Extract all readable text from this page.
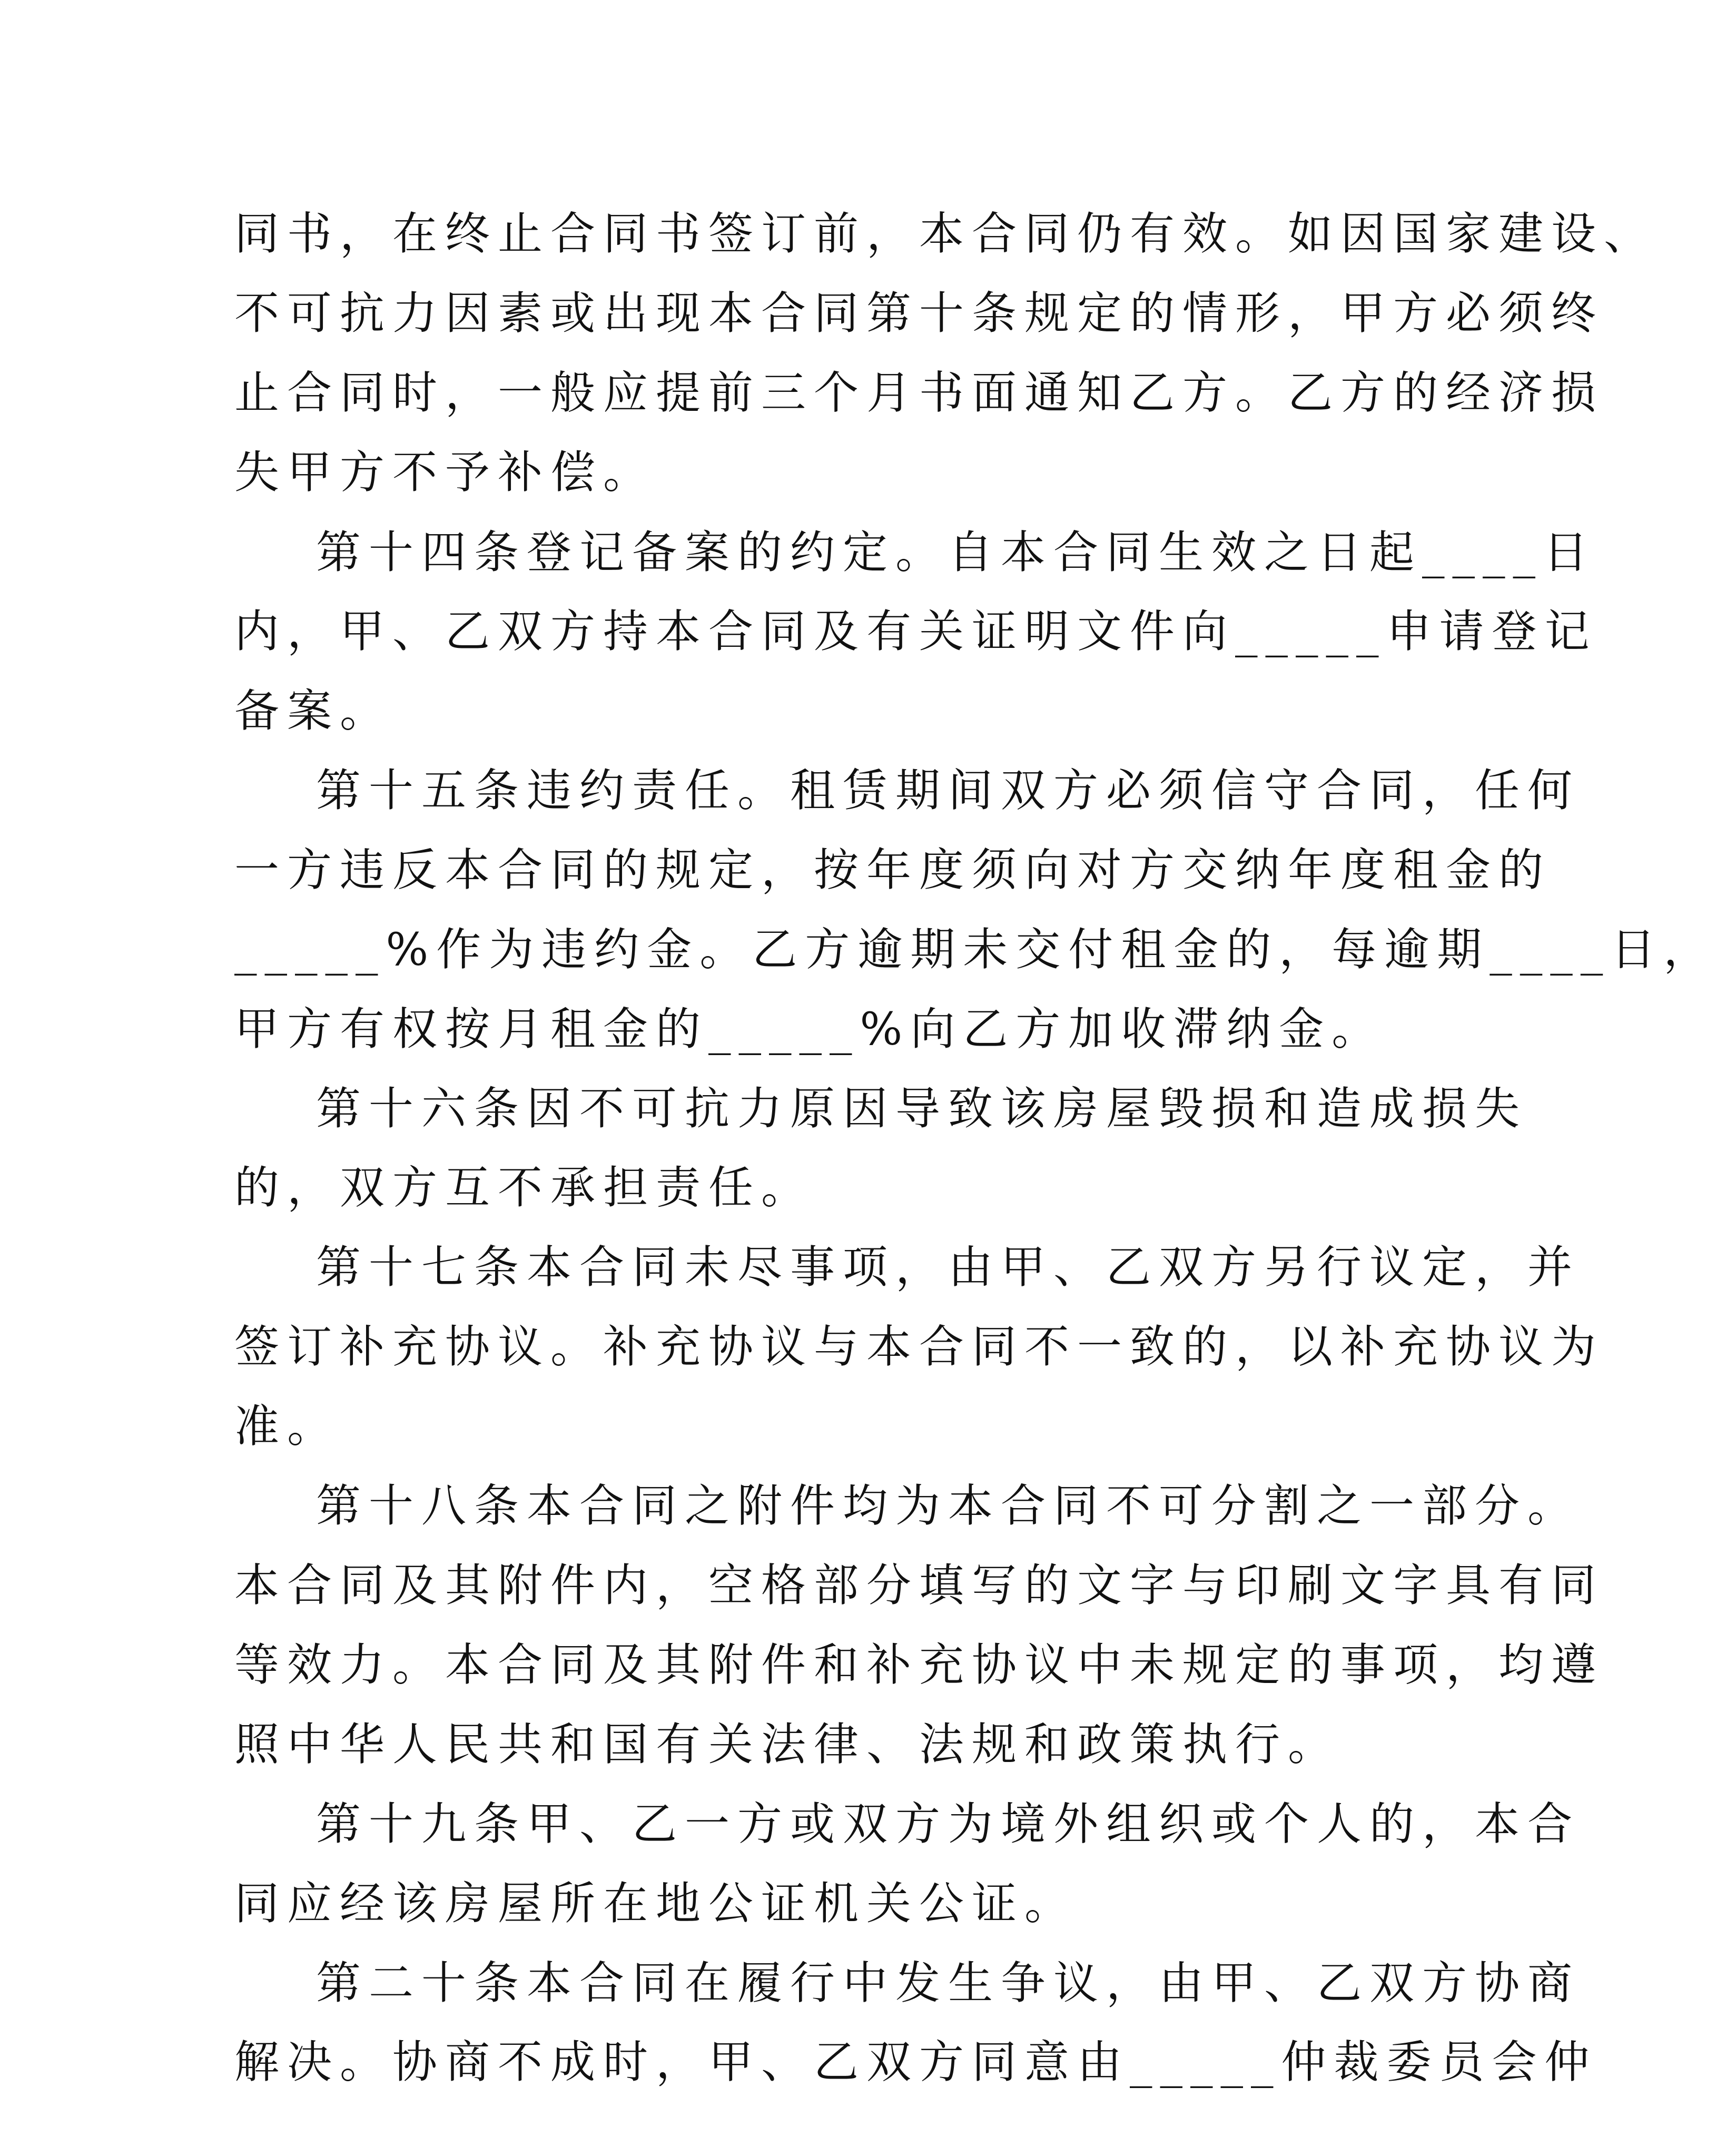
同书，在终止合同书签订前，本合同仍有效。如因国家建设、

不可抗力因素或出现本合同第十条规定的情形，甲方必须终

止合同时，一般应提前三个月书面通知乙方。乙方的经济损

失甲方不予补偿。

第十四条登记备案的约定。自本合同生效之日起____日

内，甲、乙双方持本合同及有关证明文件向_____申请登记

备案。

第十五条违约责任。租赁期间双方必须信守合同，任何

一方违反本合同的规定，按年度须向对方交纳年度租金的

_____%作为违约金。乙方逾期未交付租金的，每逾期____日，

甲方有权按月租金的_____%向乙方加收滞纳金。

第十六条因不可抗力原因导致该房屋毁损和造成损失

的，双方互不承担责任。

第十七条本合同未尽事项，由甲、乙双方另行议定，并

签订补充协议。补充协议与本合同不一致的，以补充协议为

准。

第十八条本合同之附件均为本合同不可分割之一部分。

本合同及其附件内，空格部分填写的文字与印刷文字具有同

等效力。本合同及其附件和补充协议中未规定的事项，均遵

照中华人民共和国有关法律、法规和政策执行。

第十九条甲、乙一方或双方为境外组织或个人的，本合

同应经该房屋所在地公证机关公证。

第二十条本合同在履行中发生争议，由甲、乙双方协商

解决。协商不成时，甲、乙双方同意由_____仲裁委员会仲
